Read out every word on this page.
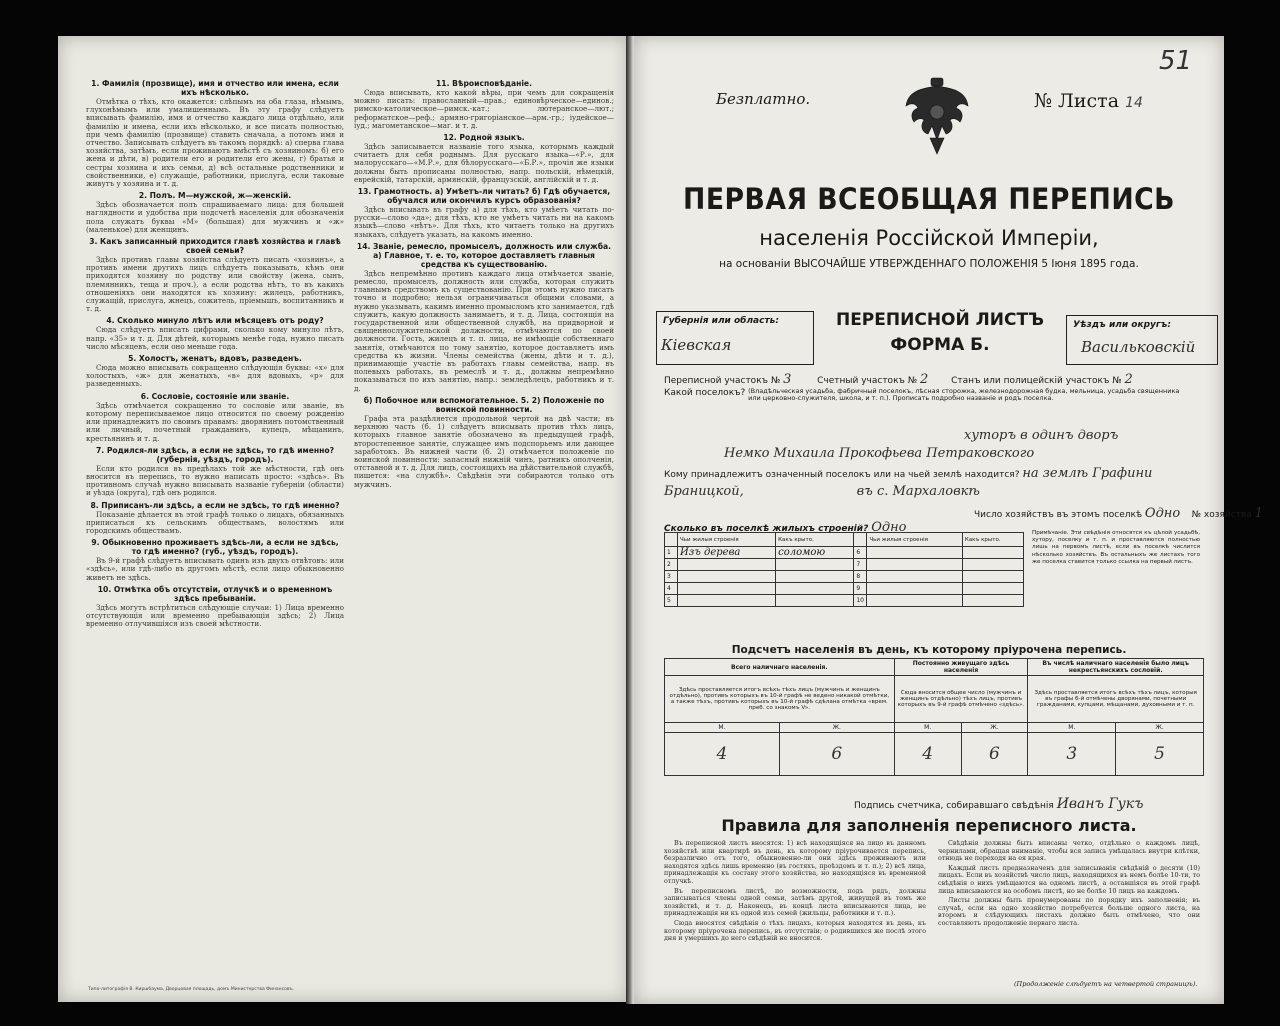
1. Фамилія (прозвище), имя и отчество или имена, если ихъ нѣсколько.

Отмѣтка о тѣхъ, кто окажется: слѣпымъ на оба глаза, нѣмымъ, глухонѣмымъ или умалишеннымъ. Въ эту графу слѣдуетъ вписывать фамилію, имя и отчество каждаго лица отдѣльно, или фамилію и имена, если ихъ нѣсколько, и все писать полностью, при чемъ фамилію (прозвище) ставить сначала, а потомъ имя и отчество. Записывать слѣдуетъ въ такомъ порядкѣ: а) сперва глава хозяйства, затѣмъ, если проживаютъ вмѣстѣ съ хозяиномъ: б) его жена и дѣти, в) родители его и родители его жены, г) братья и сестры хозяина и ихъ семьи, д) всѣ остальные родственники и свойственники, е) служащіе, работники, прислуга, если таковые живутъ у хозяина и т. д.

2. Полъ. М—мужской, ж—женскій.

Здѣсь обозначается полъ спрашиваемаго лица: для большей наглядности и удобства при подсчетѣ населенія для обозначенія пола служатъ буквы «М» (большая) для мужчинъ и «ж» (маленькое) для женщинъ.

3. Какъ записанный приходится главѣ хозяйства и главѣ своей семьи?

Здѣсь противъ главы хозяйства слѣдуетъ писать «хозяинъ», а противъ имени другихъ лицъ слѣдуетъ показывать, кѣмъ они приходятся хозяину по родству или свойству (жена, сынъ, племянникъ, теща и проч.), а если родства нѣтъ, то въ какихъ отношеніяхъ они находятся къ хозяину: жилецъ, работникъ, служащій, прислуга, жнецъ, сожитель, пріемышъ, воспитанникъ и т. д.

4. Сколько минуло лѣтъ или мѣсяцевъ отъ роду?

Сюда слѣдуетъ вписать цифрами, сколько кому минуло лѣтъ, напр. «35» и т. д. Для дѣтей, которымъ менѣе года, нужно писать число мѣсяцевъ, если оно меньше года.

5. Холостъ, женатъ, вдовъ, разведенъ.

Сюда можно вписывать сокращенно слѣдующія буквы: «х» для холостыхъ, «ж» для женатыхъ, «в» для вдовыхъ, «р» для разведенныхъ.

6. Сословіе, состояніе или званіе.

Здѣсь отмѣчается сокращенно то сословіе или званіе, въ которому переписываемое лицо относится по своему рожденію или принадлежитъ по своимъ правамъ: дворянинъ потомственный или личный, почетный гражданинъ, купецъ, мѣщанинъ, крестьянинъ и т. д.

7. Родился-ли здѣсь, а если не здѣсь, то гдѣ именно? (губернія, уѣздъ, городъ).

Если кто родился въ предѣлахъ той же мѣстности, гдѣ онъ вносится въ перепись, то нужно написать просто: «здѣсь». Въ противномъ случаѣ нужно вписывать названіе губерніи (области) и уѣзда (округа), гдѣ онъ родился.

8. Приписанъ-ли здѣсь, а если не здѣсь, то гдѣ именно?

Показаніе дѣлается въ этой графѣ только о лицахъ, обязанныхъ приписаться къ сельскимъ обществамъ, волостямъ или городскимъ обществамъ.

9. Обыкновенно проживаетъ здѣсь-ли, а если не здѣсь, то гдѣ именно? (губ., уѣздъ, городъ).

Въ 9-й графѣ слѣдуетъ вписывать одинъ изъ двухъ отвѣтовъ: или «здѣсь», или гдѣ-либо въ другомъ мѣстѣ, если лицо обыкновенно живетъ не здѣсь.

10. Отмѣтка объ отсутствіи, отлучкѣ и о временномъ здѣсь пребываніи.

Здѣсь могутъ встрѣтиться слѣдующіе случаи: 1) Лица временно отсутствующія или временно пребывающія здѣсь; 2) Лица временно отлучившіяся изъ своей мѣстности.

11. Вѣроисповѣданіе.

Сюда вписывать, кто какой вѣры, при чемъ для сокращенія можно писать: православный—прав.; единовѣрческое—единов.; римско-католическое—римск.-кат.; лютеранское—лют.; реформатское—реф.; армяно-григоріанское—арм.-гр.; іудейское—іуд.; магометанское—маг. и т. д.

12. Родной языкъ.

Здѣсь записывается названіе того языка, которымъ каждый считаетъ для себя роднымъ. Для русскаго языка—«Р.», для малорусскаго—«М.Р.», для бѣлорусскаго—«Б.Р.», прочія же языки должны быть прописаны полностью, напр. польскій, нѣмецкій, еврейскій, татарскій, армянскій, французскій, англійскій и т. д.

13. Грамотность. а) Умѣетъ-ли читать? б) Гдѣ обучается, обучался или окончилъ курсъ образованія?

Здѣсь вписывать въ графу а) для тѣхъ, кто умѣетъ читать по-русски—слово «да»; для тѣхъ, кто не умѣетъ читать ни на какомъ языкѣ—слово «нѣтъ». Для тѣхъ, кто читаетъ только на другихъ языкахъ, слѣдуетъ указать, на какомъ именно.

14. Званіе, ремесло, промыселъ, должность или служба. а) Главное, т. е. то, которое доставляетъ главныя средства къ существованію.

Здѣсь непремѣнно противъ каждаго лица отмѣчается званіе, ремесло, промыселъ, должность или служба, которая служитъ главнымъ средствомъ къ существованію. При этомъ нужно писать точно и подробно; нельзя ограничиваться общими словами, а нужно указывать, какимъ именно промысломъ кто занимается, гдѣ служитъ, какую должность занимаетъ, и т. д. Лица, состоящія на государственной или общественной службѣ, на придворной и священнослужительской должности, отмѣчаются по своей должности. Гость, жилецъ и т. п. лица, не имѣющіе собственнаго занятія, отмѣчаются по тому занятію, которое доставляетъ имъ средства къ жизни. Члены семейства (жены, дѣти и т. д.), принимающіе участіе въ работахъ главы семейства, напр. въ полевыхъ работахъ, въ ремеслѣ и т. д., должны непремѣнно показываться по ихъ занятію, напр.: земледѣлецъ, работникъ и т. д.

б) Побочное или вспомогательное. 5. 2) Положеніе по воинской повинности.

Графа эта раздѣляется продольной чертой на двѣ части; въ верхнюю часть (б. 1) слѣдуетъ вписывать против тѣхъ лицъ, которыхъ главное занятіе обозначено въ предыдущей графѣ, второстепенное занятіе, служащее имъ подспорьемъ или дающее заработокъ. Въ нижней части (б. 2) отмѣчается положеніе по воинской повинности: запасный нижній чинъ, ратникъ ополченія, отставной и т. д. Для лицъ, состоящихъ на дѣйствительной службѣ, пишется: «на службѣ». Свѣдѣнія эти собираются только отъ мужчинъ.

Типо-литографія В. Киршбаума, Дворцовая площадь, домъ Министерства Финансовъ.
51
Безплатно.	№ Листа 14
ПЕРВАЯ ВСЕОБЩАЯ ПЕРЕПИСЬ
населенія Россійской Имперіи,
на основаніи ВЫСОЧАЙШЕ УТВЕРЖДЕННАГО ПОЛОЖЕНІЯ 5 Іюня 1895 года.
Губернія или область:
Кіевская
ПЕРЕПИСНОЙ ЛИСТЪ
ФОРМА Б.
Уѣздъ или округъ:
Васильковскій
Переписной участокъ № 3	Счетный участокъ № 2	Станъ или полицейскій участокъ № 2
Какой поселокъ? (Владѣльческая усадьба, фабричный поселокъ, лѣсная сторожка, железнодорожная будка, мельница, усадьба священника или церковно-служителя, школа, и т. п.). Прописать подробно названіе и родъ поселка.
хуторъ в одинъ дворъ
Немко Михаила Прокофьева Петраковского
Кому принадлежитъ означенный поселокъ или на чьей землѣ находится? на землѣ Графини
Браницкой,	въ с. Мархаловкѣ
Число хозяйствъ въ этомъ поселкѣ Одно № хозяйства 1
Сколько въ поселкѣ жилыхъ строеній? Одно
	Чьи жилыя строенія	Какъ крыто.		Чьи жилыя строенія	Какъ крыто.
1	Изъ дерева	соломою	6		
2			7		
3			8		
4			9		
5			10		
Примѣчаніе. Эти свѣдѣнія относятся къ цѣлой усадьбѣ, хутору, поселку и т. п. и проставляются полностью лишь на первомъ листѣ, если въ поселкѣ числится нѣсколько хозяйствъ. Въ остальныхъ же листахъ того же поселка ставится только ссылка на первый листъ.
Подсчетъ населенія въ день, къ которому пріурочена перепись.
Всего наличнаго населенія.		Постоянно живущаго здѣсь населенія		Въ числѣ наличнаго населенія было лицъ некрестьянскихъ сословій.	
Здѣсь проставляется итогъ всѣхъ тѣхъ лицъ (мужчинъ и женщинъ отдѣльно), противъ которыхъ въ 10-й графѣ не ведено никакой отмѣтки, а также тѣхъ, противъ которыхъ въ 10-й графѣ сдѣлана отмѣтка «врем. преб. со знакомъ V».		Сюда вносится общее число (мужчинъ и женщинъ отдѣльно) тѣхъ лицъ, противъ которыхъ въ 9-й графѣ отмѣчено «здѣсь».		Здѣсь проставляется итогъ всѣхъ тѣхъ лицъ, которыя въ графы 6-й отмѣчены дворянами, почетными гражданами, купцами, мѣщанами, духовными и т. п.	
М.	Ж.	М.	Ж.	М.	Ж.
4	6	4	6	3	5
Подпись счетчика, собиравшаго свѣдѣнія Иванъ Гукъ
Правила для заполненія переписного листа.

Въ переписной листъ вносятся: 1) всѣ находящіяся на лицо въ данномъ хозяйствѣ или квартирѣ въ день, къ которому пріурочивается перепись, безразлично отъ того, обыкновенно-ли они здѣсь проживаютъ или находятся здѣсь лишь временно (въ гостяхъ, проѣздомъ и т. п.); 2) всѣ лица, принадлежащія къ составу этого хозяйства, но находящіяся въ временной отлучкѣ.

Въ переписномъ листѣ, по возможности, подъ рядъ, должны записываться члены одной семьи, затѣмъ другой, живущей въ томъ же хозяйствѣ, и т. д. Наконецъ, въ концѣ листа вписываются лица, не принадлежащія ни къ одной изъ семей (жильцы, работники и т. п.).

Сюда вносятся свѣдѣнія о тѣхъ лицахъ, которыя находятся въ день, къ которому пріурочена перепись, въ отсутствіи; о родившихся же послѣ этого дня и умершихъ до него свѣдѣній не вносится.

Свѣдѣнія должны быть вписаны четко, отдѣльно о каждомъ лицѣ, чернилами, обращая вниманіе, чтобы вся запись умѣщалась внутри клѣтки, отнюдь не переходя на ея края.

Каждый листъ предназначенъ для записыванія свѣдѣній о десяти (10) лицахъ. Если въ хозяйствѣ число лицъ, находящихся въ немъ болѣе 10-ти, то свѣдѣнія о нихъ умѣщаются на одномъ листѣ, а оставшіяся въ этой графѣ лица вписываются на особомъ листѣ, но не болѣе 10 лицъ на каждомъ.

Листы должны быть пронумерованы по порядку ихъ заполненія; въ случаѣ, если на одно хозяйство потребуется больше одного листа, на второмъ и слѣдующихъ листахъ должно быть отмѣчено, что они составляютъ продолженіе перваго листа.

(Продолженіе слѣдуетъ на четвертой страницѣ).
